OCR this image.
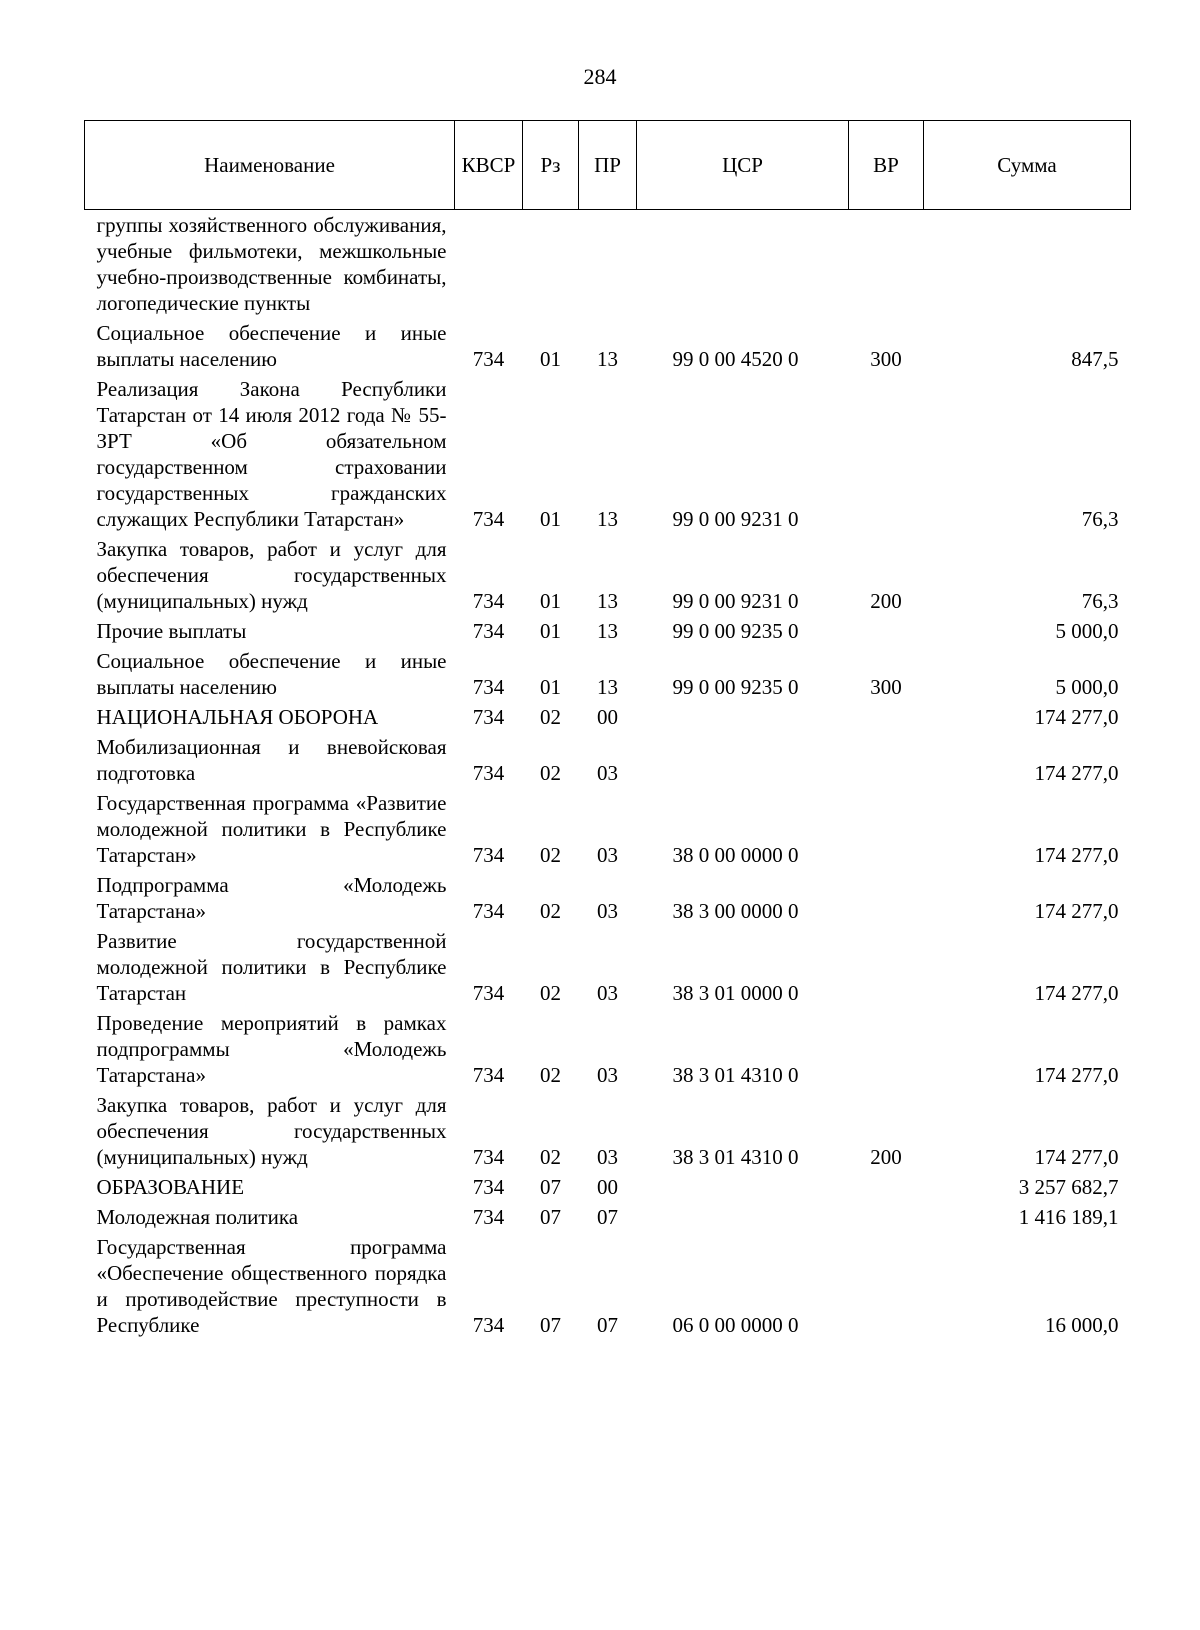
284
Наименование	КВСР	Рз	ПР	ЦСР	ВР	Сумма
группы хозяйственного обслуживания, учебные фильмотеки, межшкольные учебно-производственные комбинаты, логопедические пункты						
Социальное обеспечение и иные выплаты населению	734	01	13	99 0 00 4520 0	300	847,5
Реализация Закона Республики Татарстан от 14 июля 2012 года № 55-ЗРТ «Об обязательном государственном страховании государственных гражданских служащих Республики Татарстан»	734	01	13	99 0 00 9231 0		76,3
Закупка товаров, работ и услуг для обеспечения государственных (муниципальных) нужд	734	01	13	99 0 00 9231 0	200	76,3
Прочие выплаты	734	01	13	99 0 00 9235 0		5 000,0
Социальное обеспечение и иные выплаты населению	734	01	13	99 0 00 9235 0	300	5 000,0
НАЦИОНАЛЬНАЯ ОБОРОНА	734	02	00			174 277,0
Мобилизационная и вневойсковая подготовка	734	02	03			174 277,0
Государственная программа «Развитие молодежной политики в Республике Татарстан»	734	02	03	38 0 00 0000 0		174 277,0
Подпрограмма «Молодежь Татарстана»	734	02	03	38 3 00 0000 0		174 277,0
Развитие государственной молодежной политики в Республике Татарстан	734	02	03	38 3 01 0000 0		174 277,0
Проведение мероприятий в рамках подпрограммы «Молодежь Татарстана»	734	02	03	38 3 01 4310 0		174 277,0
Закупка товаров, работ и услуг для обеспечения государственных (муниципальных) нужд	734	02	03	38 3 01 4310 0	200	174 277,0
ОБРАЗОВАНИЕ	734	07	00			3 257 682,7
Молодежная политика	734	07	07			1 416 189,1
Государственная программа «Обеспечение общественного порядка и противодействие преступности в Республике	734	07	07	06 0 00 0000 0		16 000,0
